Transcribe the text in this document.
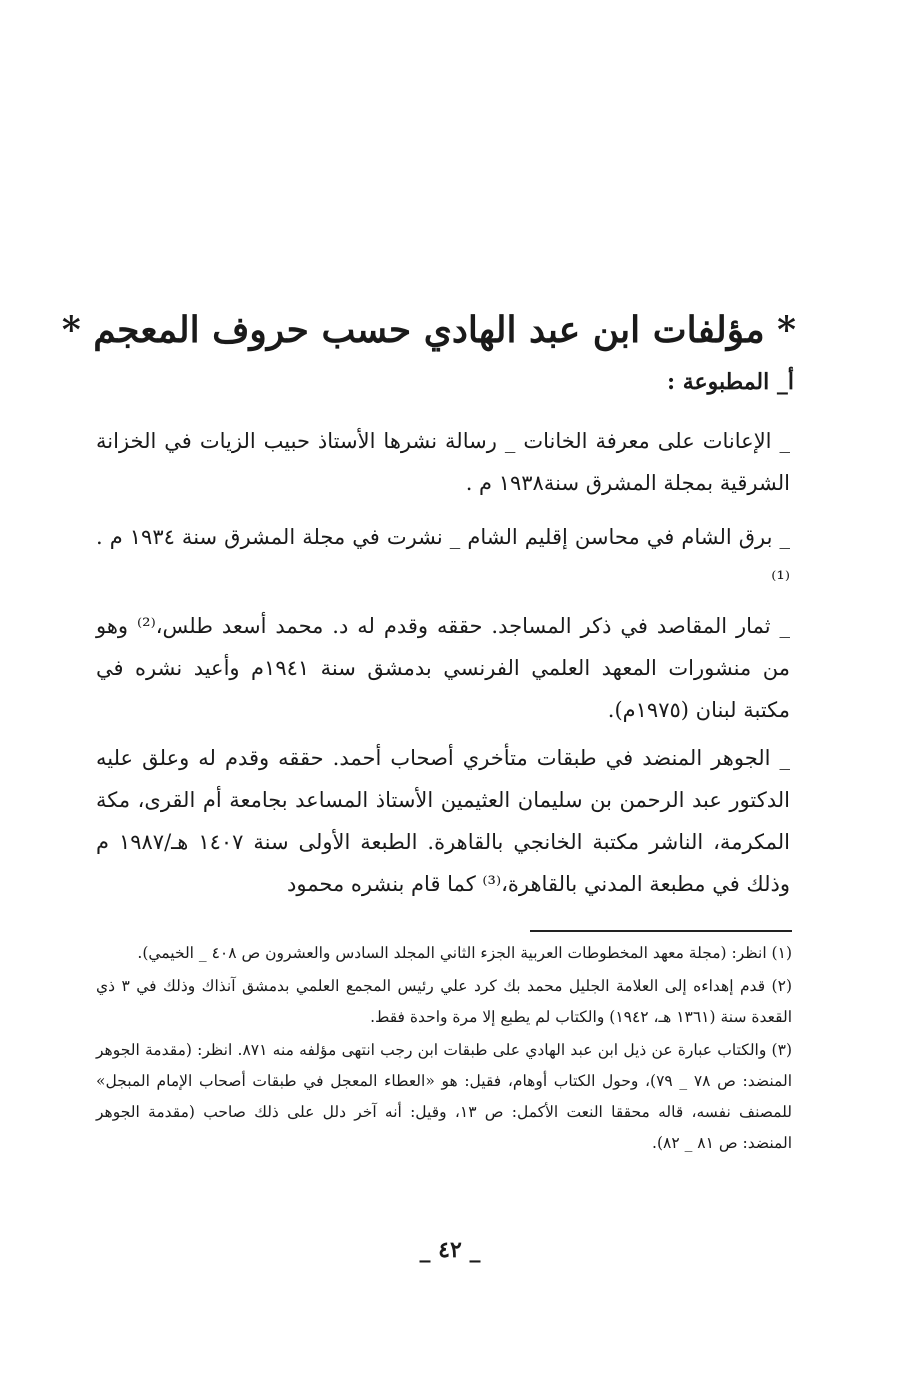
* مؤلفات ابن عبد الهادي حسب حروف المعجم *
أ_ المطبوعة :
_ الإعانات على معرفة الخانات _ رسالة نشرها الأستاذ حبيب الزيات في الخزانة الشرقية بمجلة المشرق سنة١٩٣٨ م .
_ برق الشام في محاسن إقليم الشام _ نشرت في مجلة المشرق سنة ١٩٣٤ م .⁽¹⁾
_ ثمار المقاصد في ذكر المساجد. حققه وقدم له د. محمد أسعد طلس،⁽²⁾ وهو من منشورات المعهد العلمي الفرنسي بدمشق سنة ١٩٤١م وأعيد نشره في مكتبة لبنان (١٩٧٥م).
_ الجوهر المنضد في طبقات متأخري أصحاب أحمد. حققه وقدم له وعلق عليه الدكتور عبد الرحمن بن سليمان العثيمين الأستاذ المساعد بجامعة أم القرى، مكة المكرمة، الناشر مكتبة الخانجي بالقاهرة. الطبعة الأولى سنة ١٤٠٧ هـ/١٩٨٧ م وذلك في مطبعة المدني بالقاهرة،⁽³⁾ كما قام بنشره محمود
(١) انظر: (مجلة معهد المخطوطات العربية الجزء الثاني المجلد السادس والعشرون ص ٤٠٨ _ الخيمي).
(٢) قدم إهداءه إلى العلامة الجليل محمد بك كرد علي رئيس المجمع العلمي بدمشق آنذاك وذلك في ٣ ذي القعدة سنة (١٣٦١ هـ، ١٩٤٢) والكتاب لم يطبع إلا مرة واحدة فقط.
(٣) والكتاب عبارة عن ذيل ابن عبد الهادي على طبقات ابن رجب انتهى مؤلفه منه ٨٧١. انظر: (مقدمة الجوهر المنضد: ص ٧٨ _ ٧٩)، وحول الكتاب أوهام، فقيل: هو «العطاء المعجل في طبقات أصحاب الإمام المبجل» للمصنف نفسه، قاله محققا النعت الأكمل: ص ١٣، وقيل: أنه آخر دلل على ذلك صاحب (مقدمة الجوهر المنضد: ص ٨١ _ ٨٢).
_ ٤٢ _
